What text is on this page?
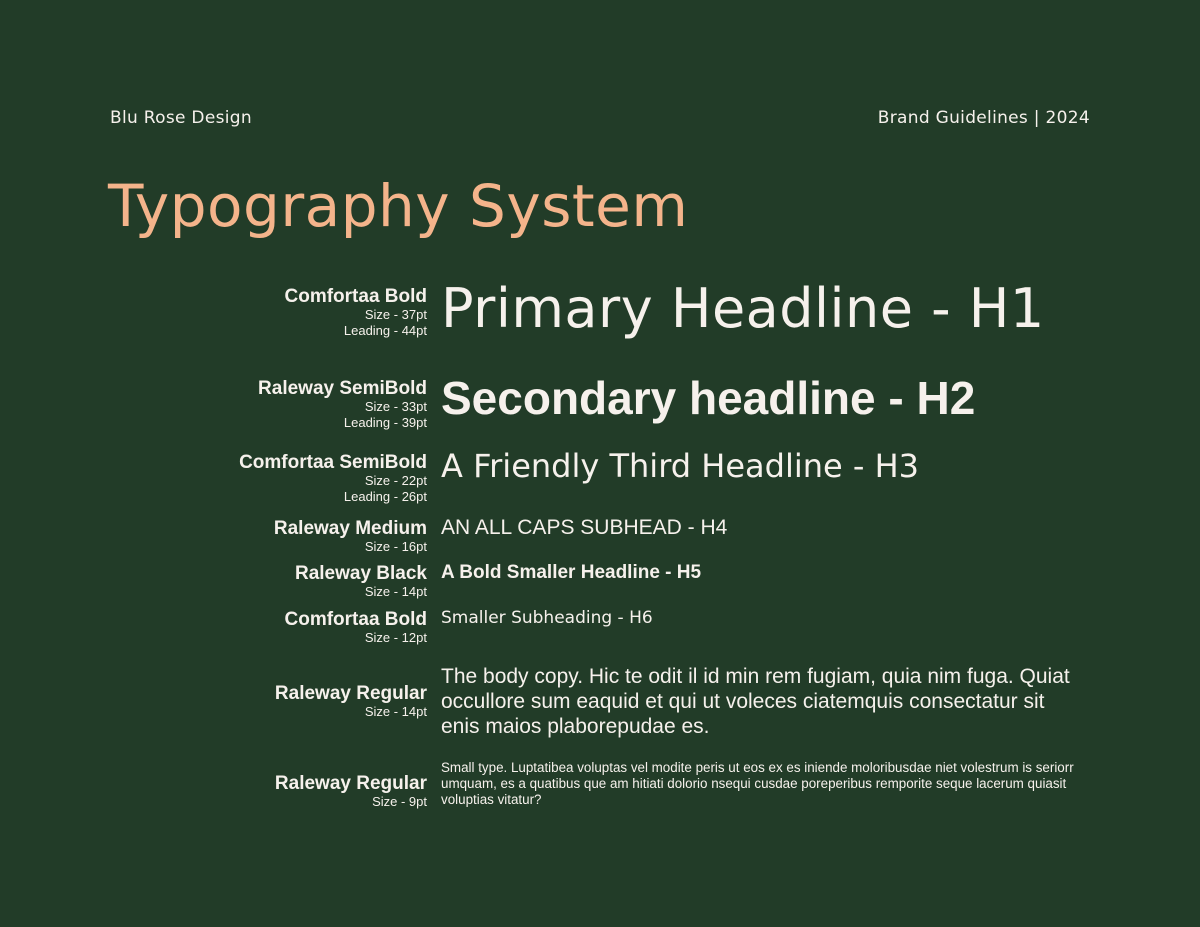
Blu Rose Design	Brand Guidelines | 2024
Typography System
Comfortaa Bold
Size - 37pt
Leading - 44pt Primary Headline - H1
Raleway SemiBold
Size - 33pt
Leading - 39pt Secondary headline - H2
Comfortaa SemiBold
Size - 22pt
Leading - 26pt
A Friendly Third Headline - H3
Raleway Medium
Size - 16pt
AN ALL CAPS SUBHEAD - H4
Raleway Black
Size - 14pt
A Bold Smaller Headline - H5
Comfortaa Bold
Size - 12pt
Smaller Subheading - H6
Raleway Regular
Size - 14pt
The body copy. Hic te odit il id min rem fugiam, quia nim fuga. Quiat occullore sum eaquid et qui ut voleces ciatemquis consectatur sit enis maios plaborepudae es.
Raleway Regular
Size - 9pt
Small type. Luptatibea voluptas vel modite peris ut eos ex es iniende moloribusdae niet volestrum is seriorr umquam, es a quatibus que am hitiati dolorio nsequi cusdae poreperibus remporite seque lacerum quiasit voluptias vitatur?
